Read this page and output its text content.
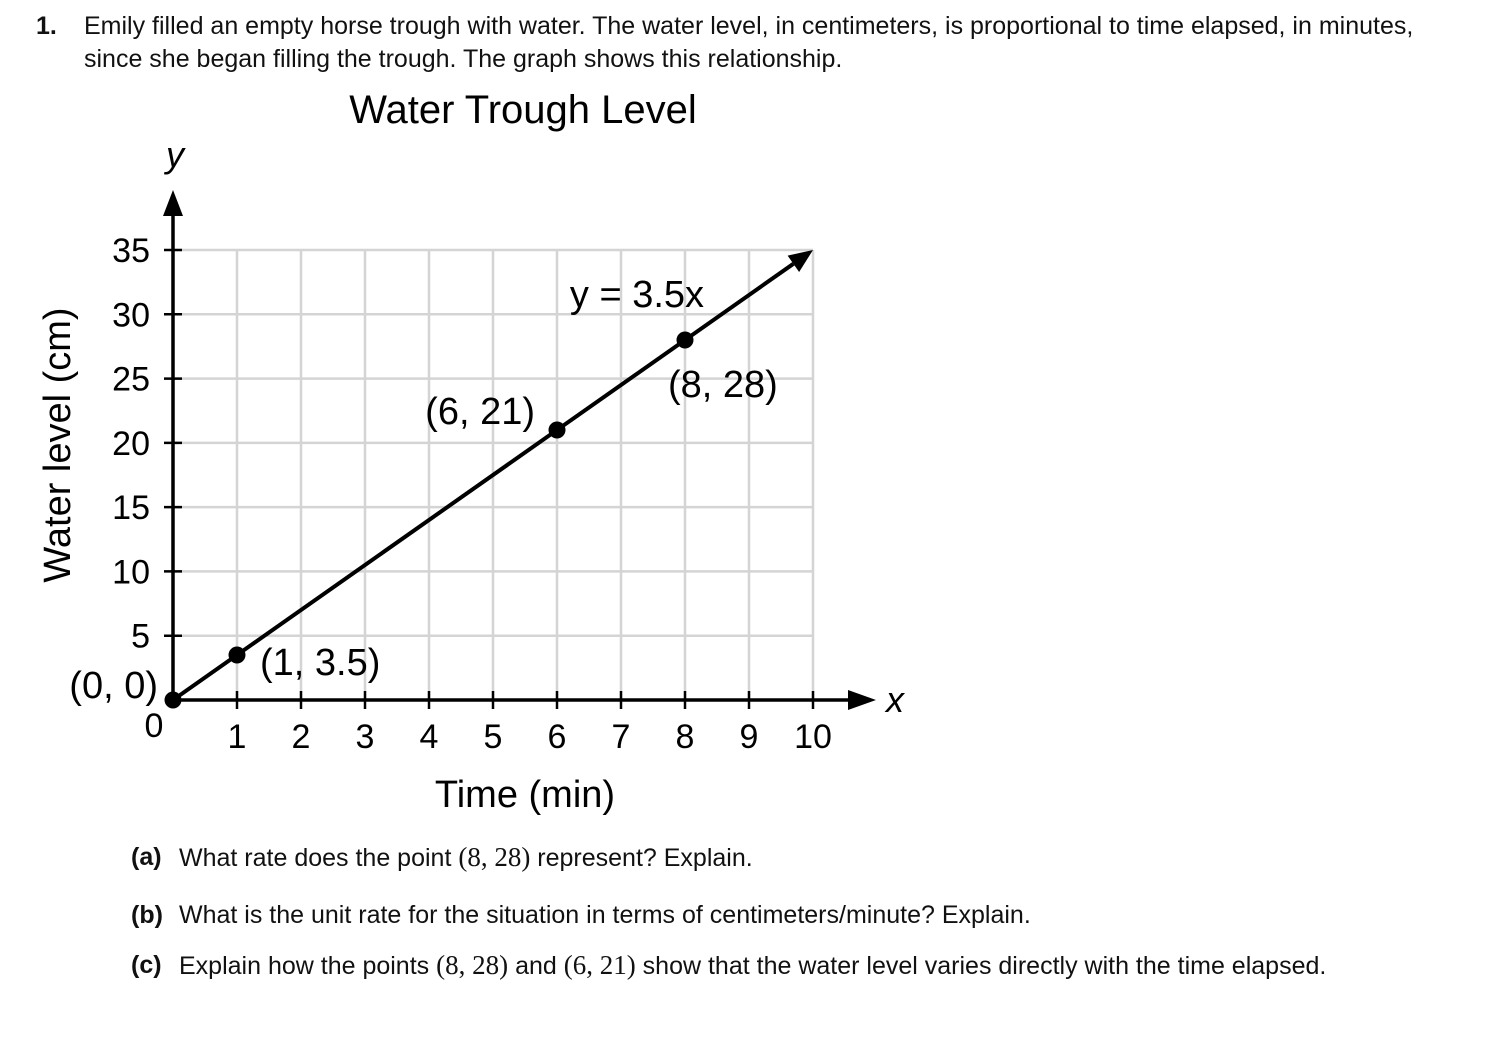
1. Emily filled an empty horse trough with water. The water level, in centimeters, is proportional to time elapsed, in minutes, since she began filling the trough. The graph shows this relationship.
Water Trough Level
1 2 3 4 5 6 7 8 9 10
5
10
15
20
25
30
35
y = 3.5x
(0, 0)
(1, 3.5)
(6, 21)
(8, 28)
Time (min)
Water level (cm)
x
y
0
(a) What rate does the point (8, 28) represent? Explain.
(b) What is the unit rate for the situation in terms of centimeters/minute? Explain.
(c) Explain how the points (8, 28) and (6, 21) show that the water level varies directly with the time elapsed.
